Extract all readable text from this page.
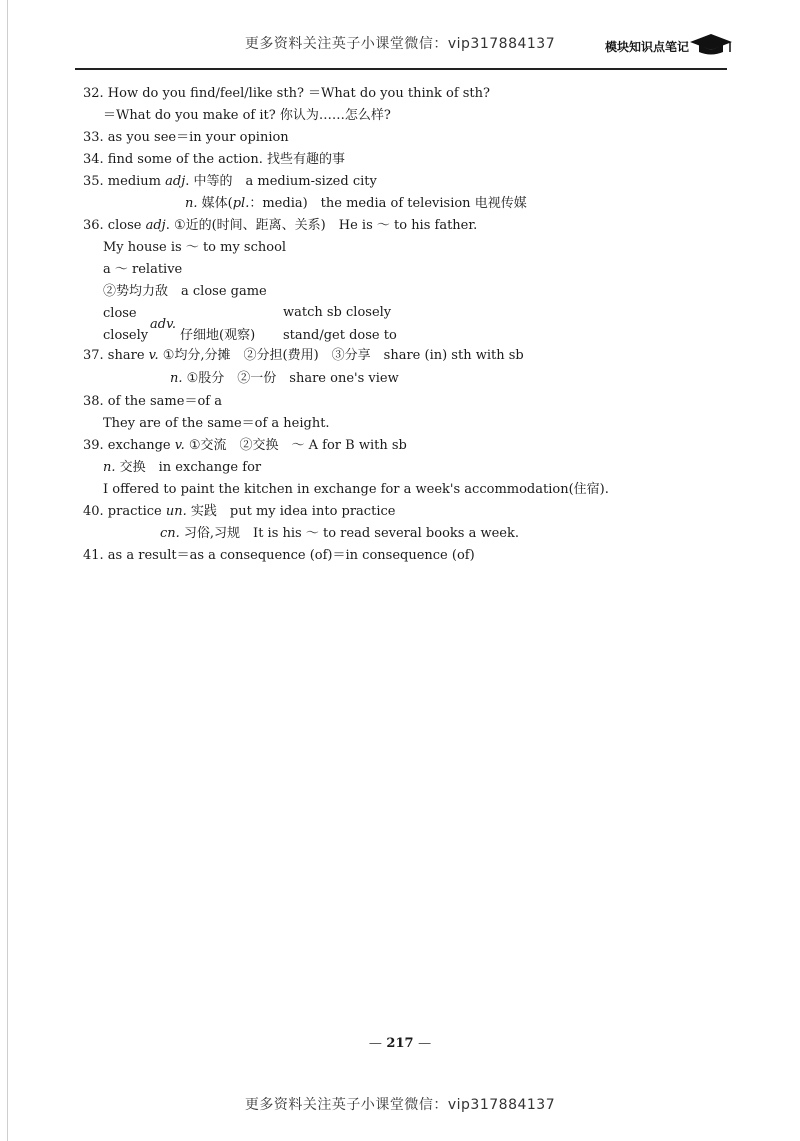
更多资料关注英子小课堂微信：vip317884137	模块知识点笔记
32. How do you find/feel/like sth? ＝What do you think of sth?
＝What do you make of it? 你认为……怎么样?
33. as you see＝in your opinion
34. find some of the action. 找些有趣的事
35. medium adj. 中等的　a medium-sized city
n. 媒体(pl.：media)　the media of television 电视传媒
36. close adj. ①近的(时间、距离、关系)　He is ～ to his father.
My house is ～ to my school
a ～ relative
②势均力敌　a close game
close	watch sb closely
adv.
closely 仔细地(观察) stand/get dose to
37. share v. ①均分,分摊　②分担(费用)　③分享　share (in) sth with sb
n. ①股分　②一份　share one's view
38. of the same＝of a
They are of the same＝of a height.
39. exchange v. ①交流　②交换　～ A for B with sb
n. 交换　in exchange for
I offered to paint the kitchen in exchange for a week's accommodation(住宿).
40. practice un. 实践　put my idea into practice
cn. 习俗,习规　It is his ～ to read several books a week.
41. as a result＝as a consequence (of)＝in consequence (of)
— 217 —
更多资料关注英子小课堂微信：vip317884137
